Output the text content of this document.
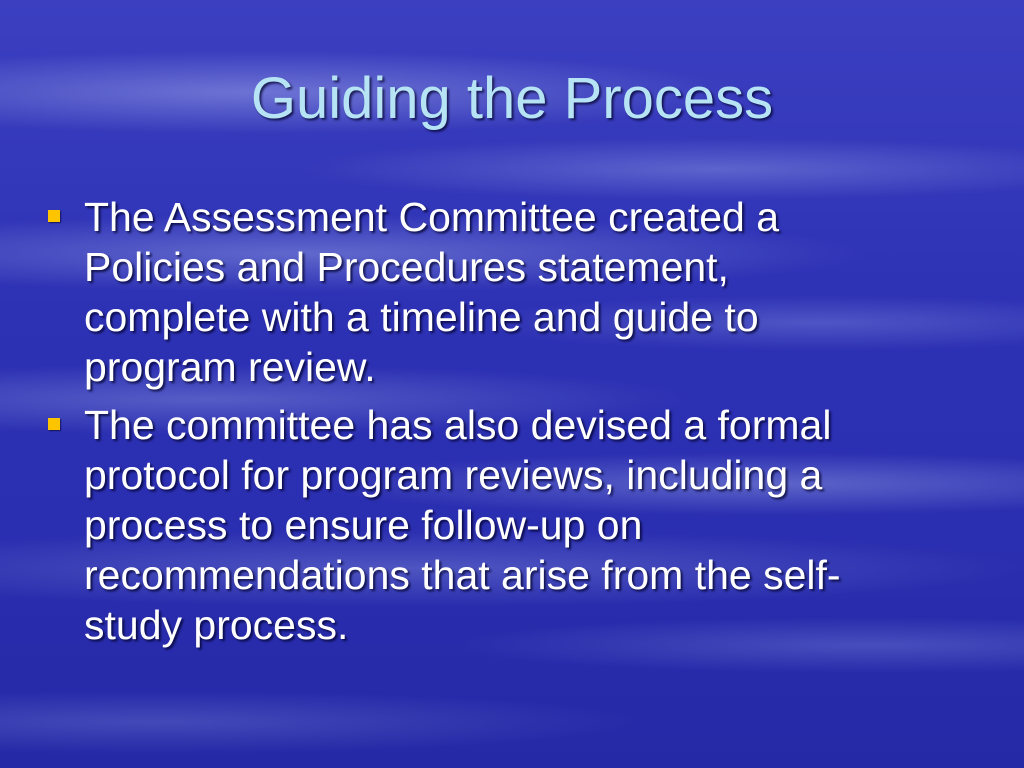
Guiding the Process
The Assessment Committee created a
Policies and Procedures statement,
complete with a timeline and guide to
program review.
The committee has also devised a formal
protocol for program reviews, including a
process to ensure follow-up on
recommendations that arise from the self-
study process.
